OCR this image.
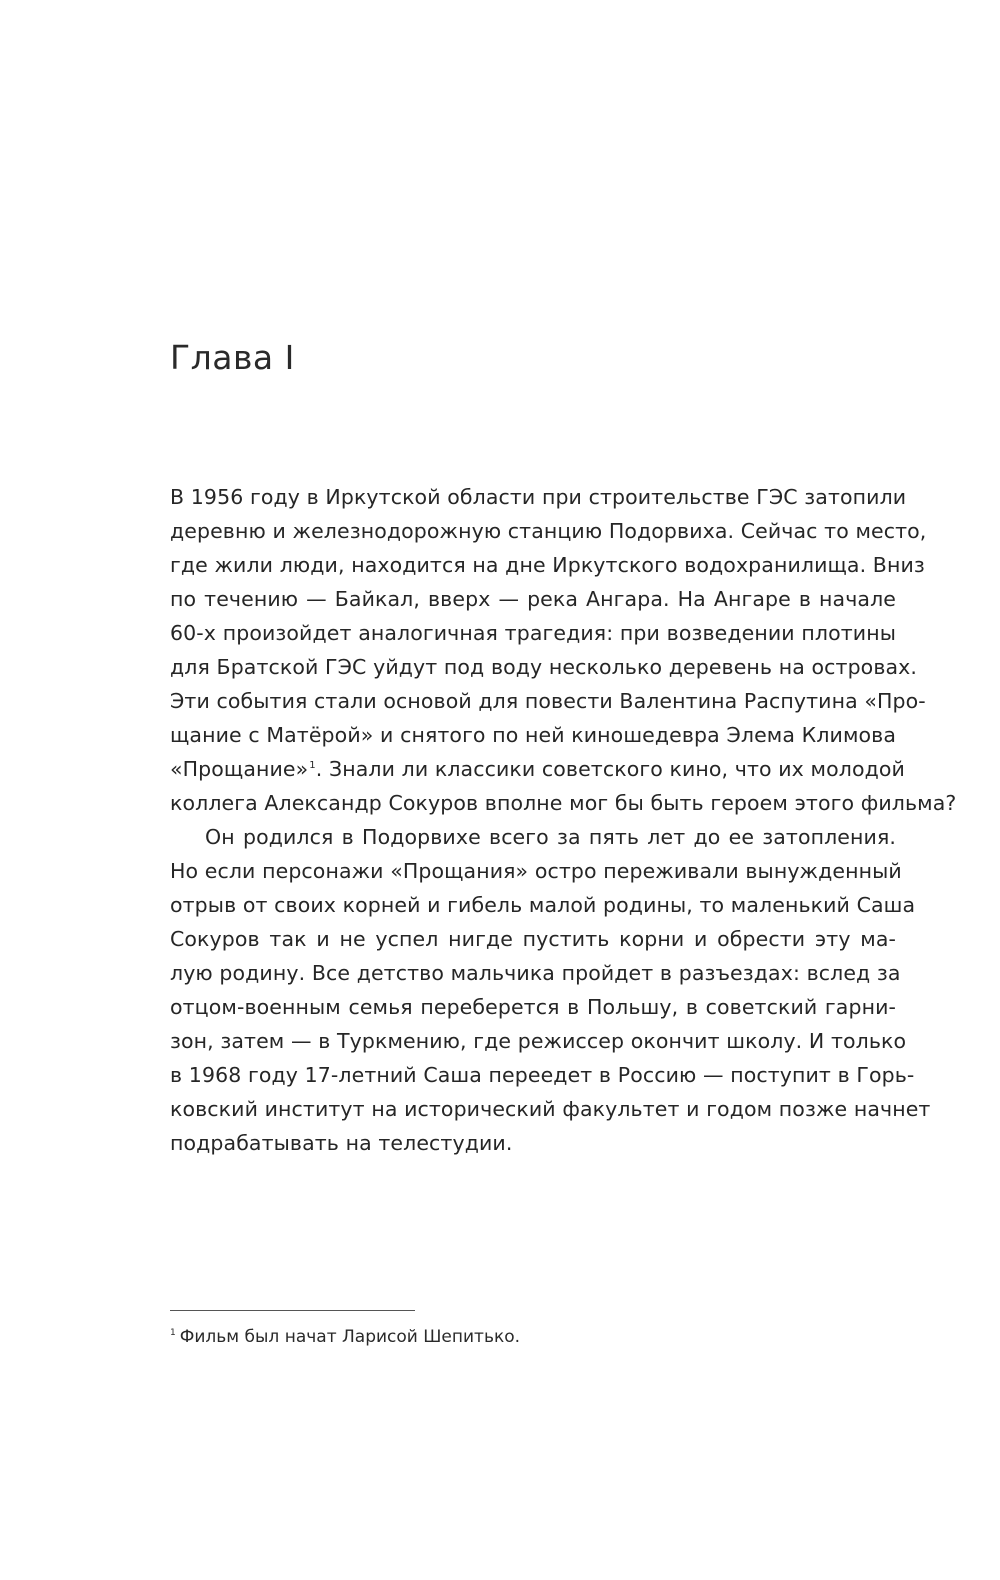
Глава I
В 1956 году в Иркутской области при строительстве ГЭС затопили
деревню и железнодорожную станцию Подорвиха. Сейчас то место,
где жили люди, находится на дне Иркутского водохранилища. Вниз
по течению — Байкал, вверх — река Ангара. На Ангаре в начале
60-х произойдет аналогичная трагедия: при возведении плотины
для Братской ГЭС уйдут под воду несколько деревень на островах.
Эти события стали основой для повести Валентина Распутина «Про-
щание с Матёрой» и снятого по ней киношедевра Элема Климова
«Прощание»$^1$. Знали ли классики советского кино, что их молодой
коллега Александр Сокуров вполне мог бы быть героем этого фильма?
Он родился в Подорвихе всего за пять лет до ее затопления.
Но если персонажи «Прощания» остро переживали вынужденный
отрыв от своих корней и гибель малой родины, то маленький Саша
Сокуров так и не успел нигде пустить корни и обрести эту ма-
лую родину. Все детство мальчика пройдет в разъездах: вслед за
отцом-военным семья переберется в Польшу, в советский гарни-
зон, затем — в Туркмению, где режиссер окончит школу. И только
в 1968 году 17-летний Саша переедет в Россию — поступит в Горь-
ковский институт на исторический факультет и годом позже начнет
подрабатывать на телестудии.
$^1$ Фильм был начат Ларисой Шепитько.
